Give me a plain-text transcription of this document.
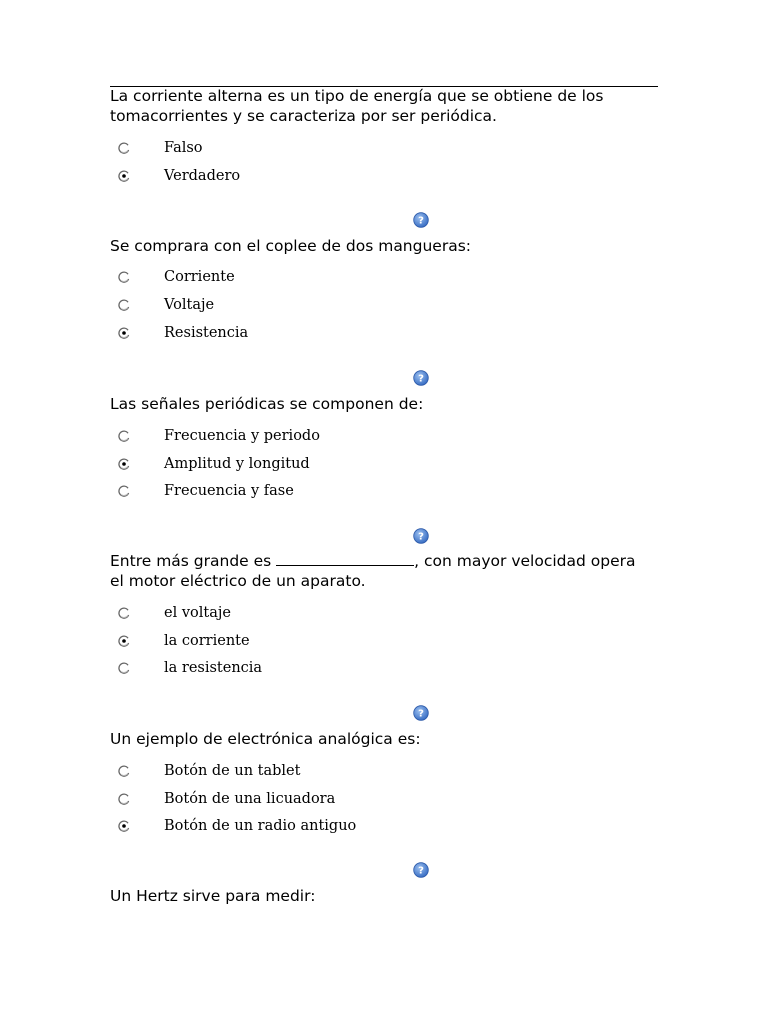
La corriente alterna es un tipo de energía que se obtiene de los tomacorrientes y se caracteriza por ser periódica.

Falso
Verdadero
?

Se comprara con el coplee de dos mangueras:

Corriente
Voltaje
Resistencia
?

Las señales periódicas se componen de:

Frecuencia y periodo
Amplitud y longitud
Frecuencia y fase
?

Entre más grande es	, con mayor velocidad opera el motor eléctrico de un aparato.

el voltaje
la corriente
la resistencia
?

Un ejemplo de electrónica analógica es:

Botón de un tablet
Botón de una licuadora
Botón de un radio antiguo
?

Un Hertz sirve para medir:
